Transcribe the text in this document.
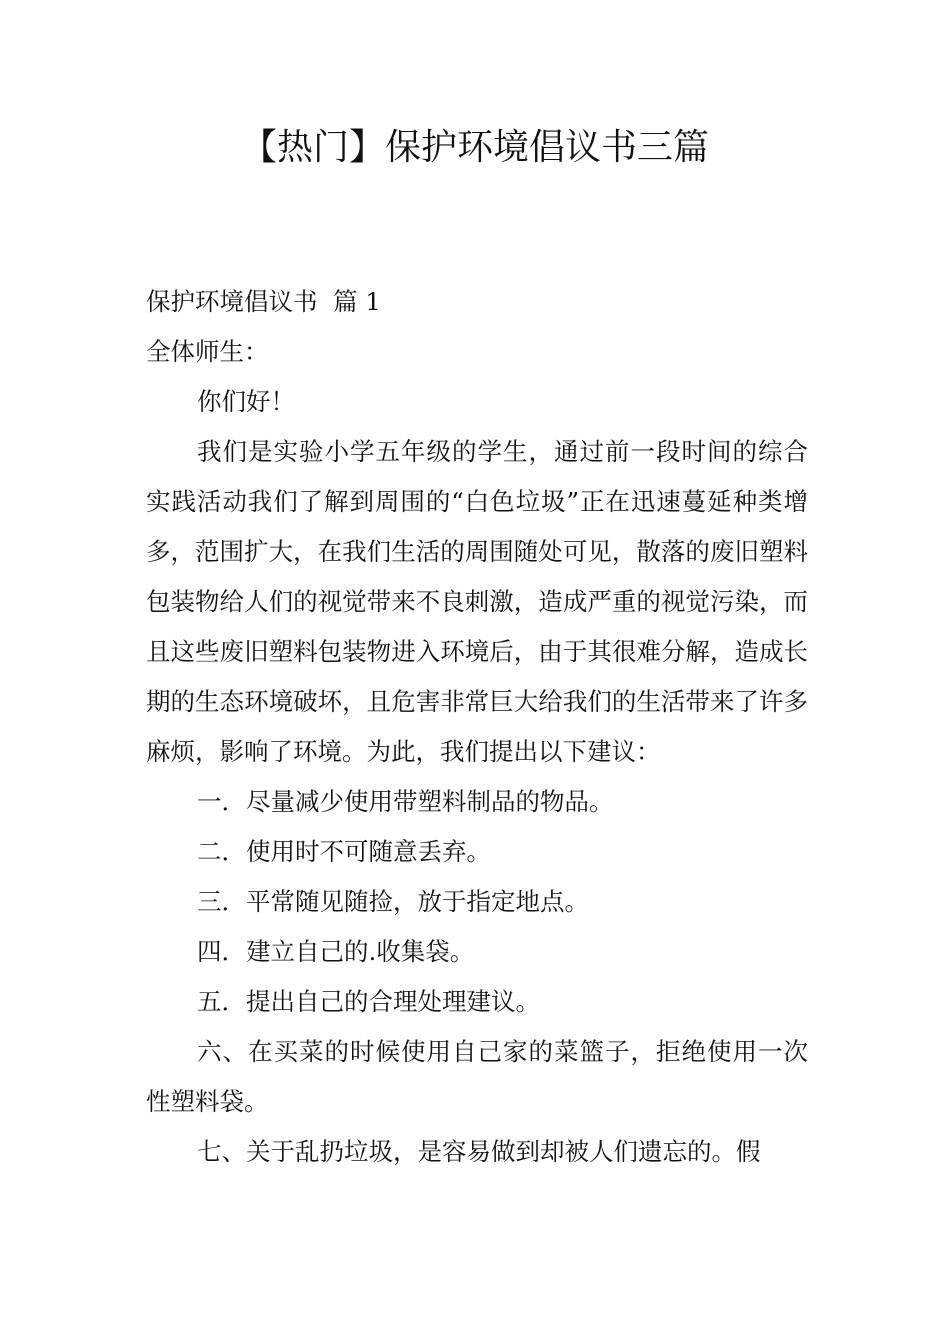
【热门】保护环境倡议书三篇

保护环境倡议书  篇 1

全体师生：

你们好！

我们是实验小学五年级的学生，通过前一段时间的综合实践活动我们了解到周围的“白色垃圾”正在迅速蔓延种类增多，范围扩大，在我们生活的周围随处可见，散落的废旧塑料包装物给人们的视觉带来不良刺激，造成严重的视觉污染，而且这些废旧塑料包装物进入环境后，由于其很难分解，造成长期的生态环境破坏，且危害非常巨大给我们的生活带来了许多麻烦，影响了环境。为此，我们提出以下建议：

一．尽量减少使用带塑料制品的物品。

二．使用时不可随意丢弃。

三．平常随见随捡，放于指定地点。

四．建立自己的.收集袋。

五．提出自己的合理处理建议。

六、在买菜的时候使用自己家的菜篮子，拒绝使用一次性塑料袋。

七、关于乱扔垃圾，是容易做到却被人们遗忘的。假
